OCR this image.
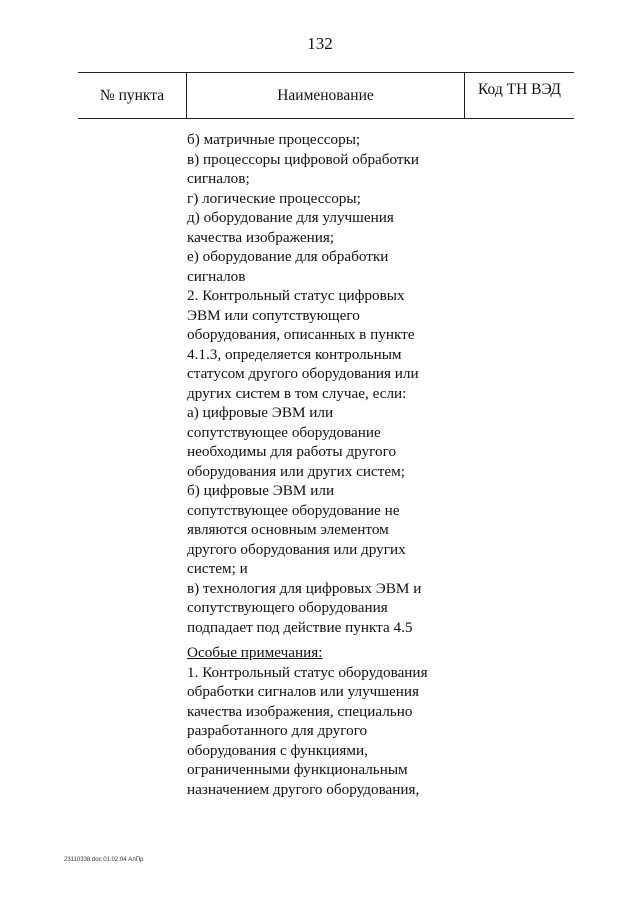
132
№ пункта	Наименование	Код ТН ВЭД
б) матричные процессоры;
в) процессоры цифровой обработки
сигналов;
г) логические процессоры;
д) оборудование для улучшения
качества изображения;
е) оборудование для обработки
сигналов
2. Контрольный статус цифровых
ЭВМ или сопутствующего
оборудования, описанных в пункте
4.1.3, определяется контрольным
статусом другого оборудования или
других систем в том случае, если:
а) цифровые ЭВМ или
сопутствующее оборудование
необходимы для работы другого
оборудования или других систем;
б) цифровые ЭВМ или
сопутствующее оборудование не
являются основным элементом
другого оборудования или других
систем; и
в) технология для цифровых ЭВМ и
сопутствующего оборудования
подпадает под действие пункта 4.5
Особые примечания:
1. Контрольный статус оборудования
обработки сигналов или улучшения
качества изображения, специально
разработанного для другого
оборудования с функциями,
ограниченными функциональным
назначением другого оборудования,
23110338.doc 01.02.04 АлПр
